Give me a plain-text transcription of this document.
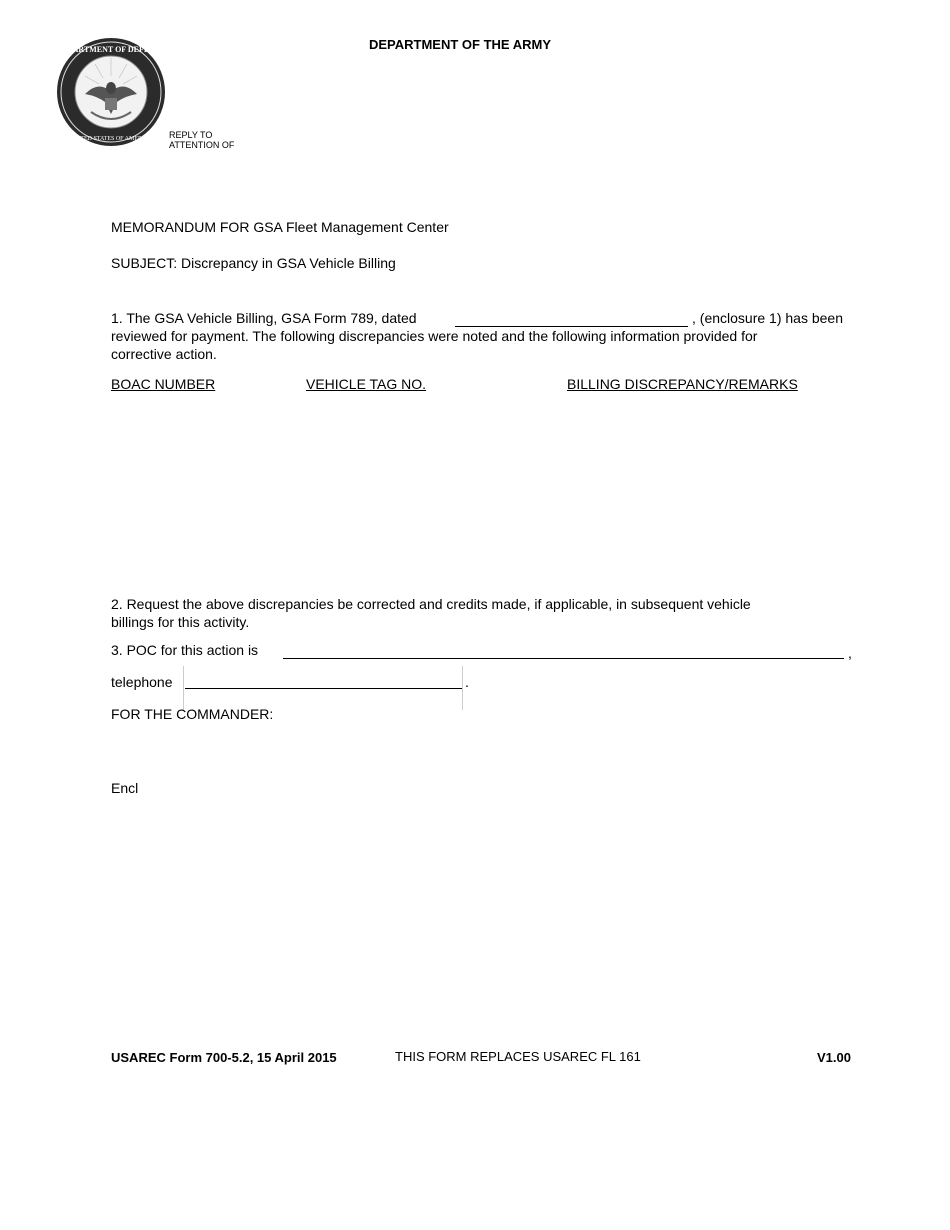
DEPARTMENT OF DEFENSE
UNITED STATES OF AMERICA
DEPARTMENT OF THE ARMY
REPLY TO
ATTENTION OF
MEMORANDUM FOR GSA Fleet Management Center
SUBJECT: Discrepancy in GSA Vehicle Billing
1. The GSA Vehicle Billing, GSA Form 789, dated	, (enclosure 1) has been
reviewed for payment. The following discrepancies were noted and the following information provided for
corrective action.
BOAC NUMBER	VEHICLE TAG NO.	BILLING DISCREPANCY/REMARKS
2. Request the above discrepancies be corrected and credits made, if applicable, in subsequent vehicle
billings for this activity.
3. POC for this action is	,
telephone	.
FOR THE COMMANDER:
Encl
USAREC Form 700-5.2, 15 April 2015	THIS FORM REPLACES USAREC FL 161	V1.00
